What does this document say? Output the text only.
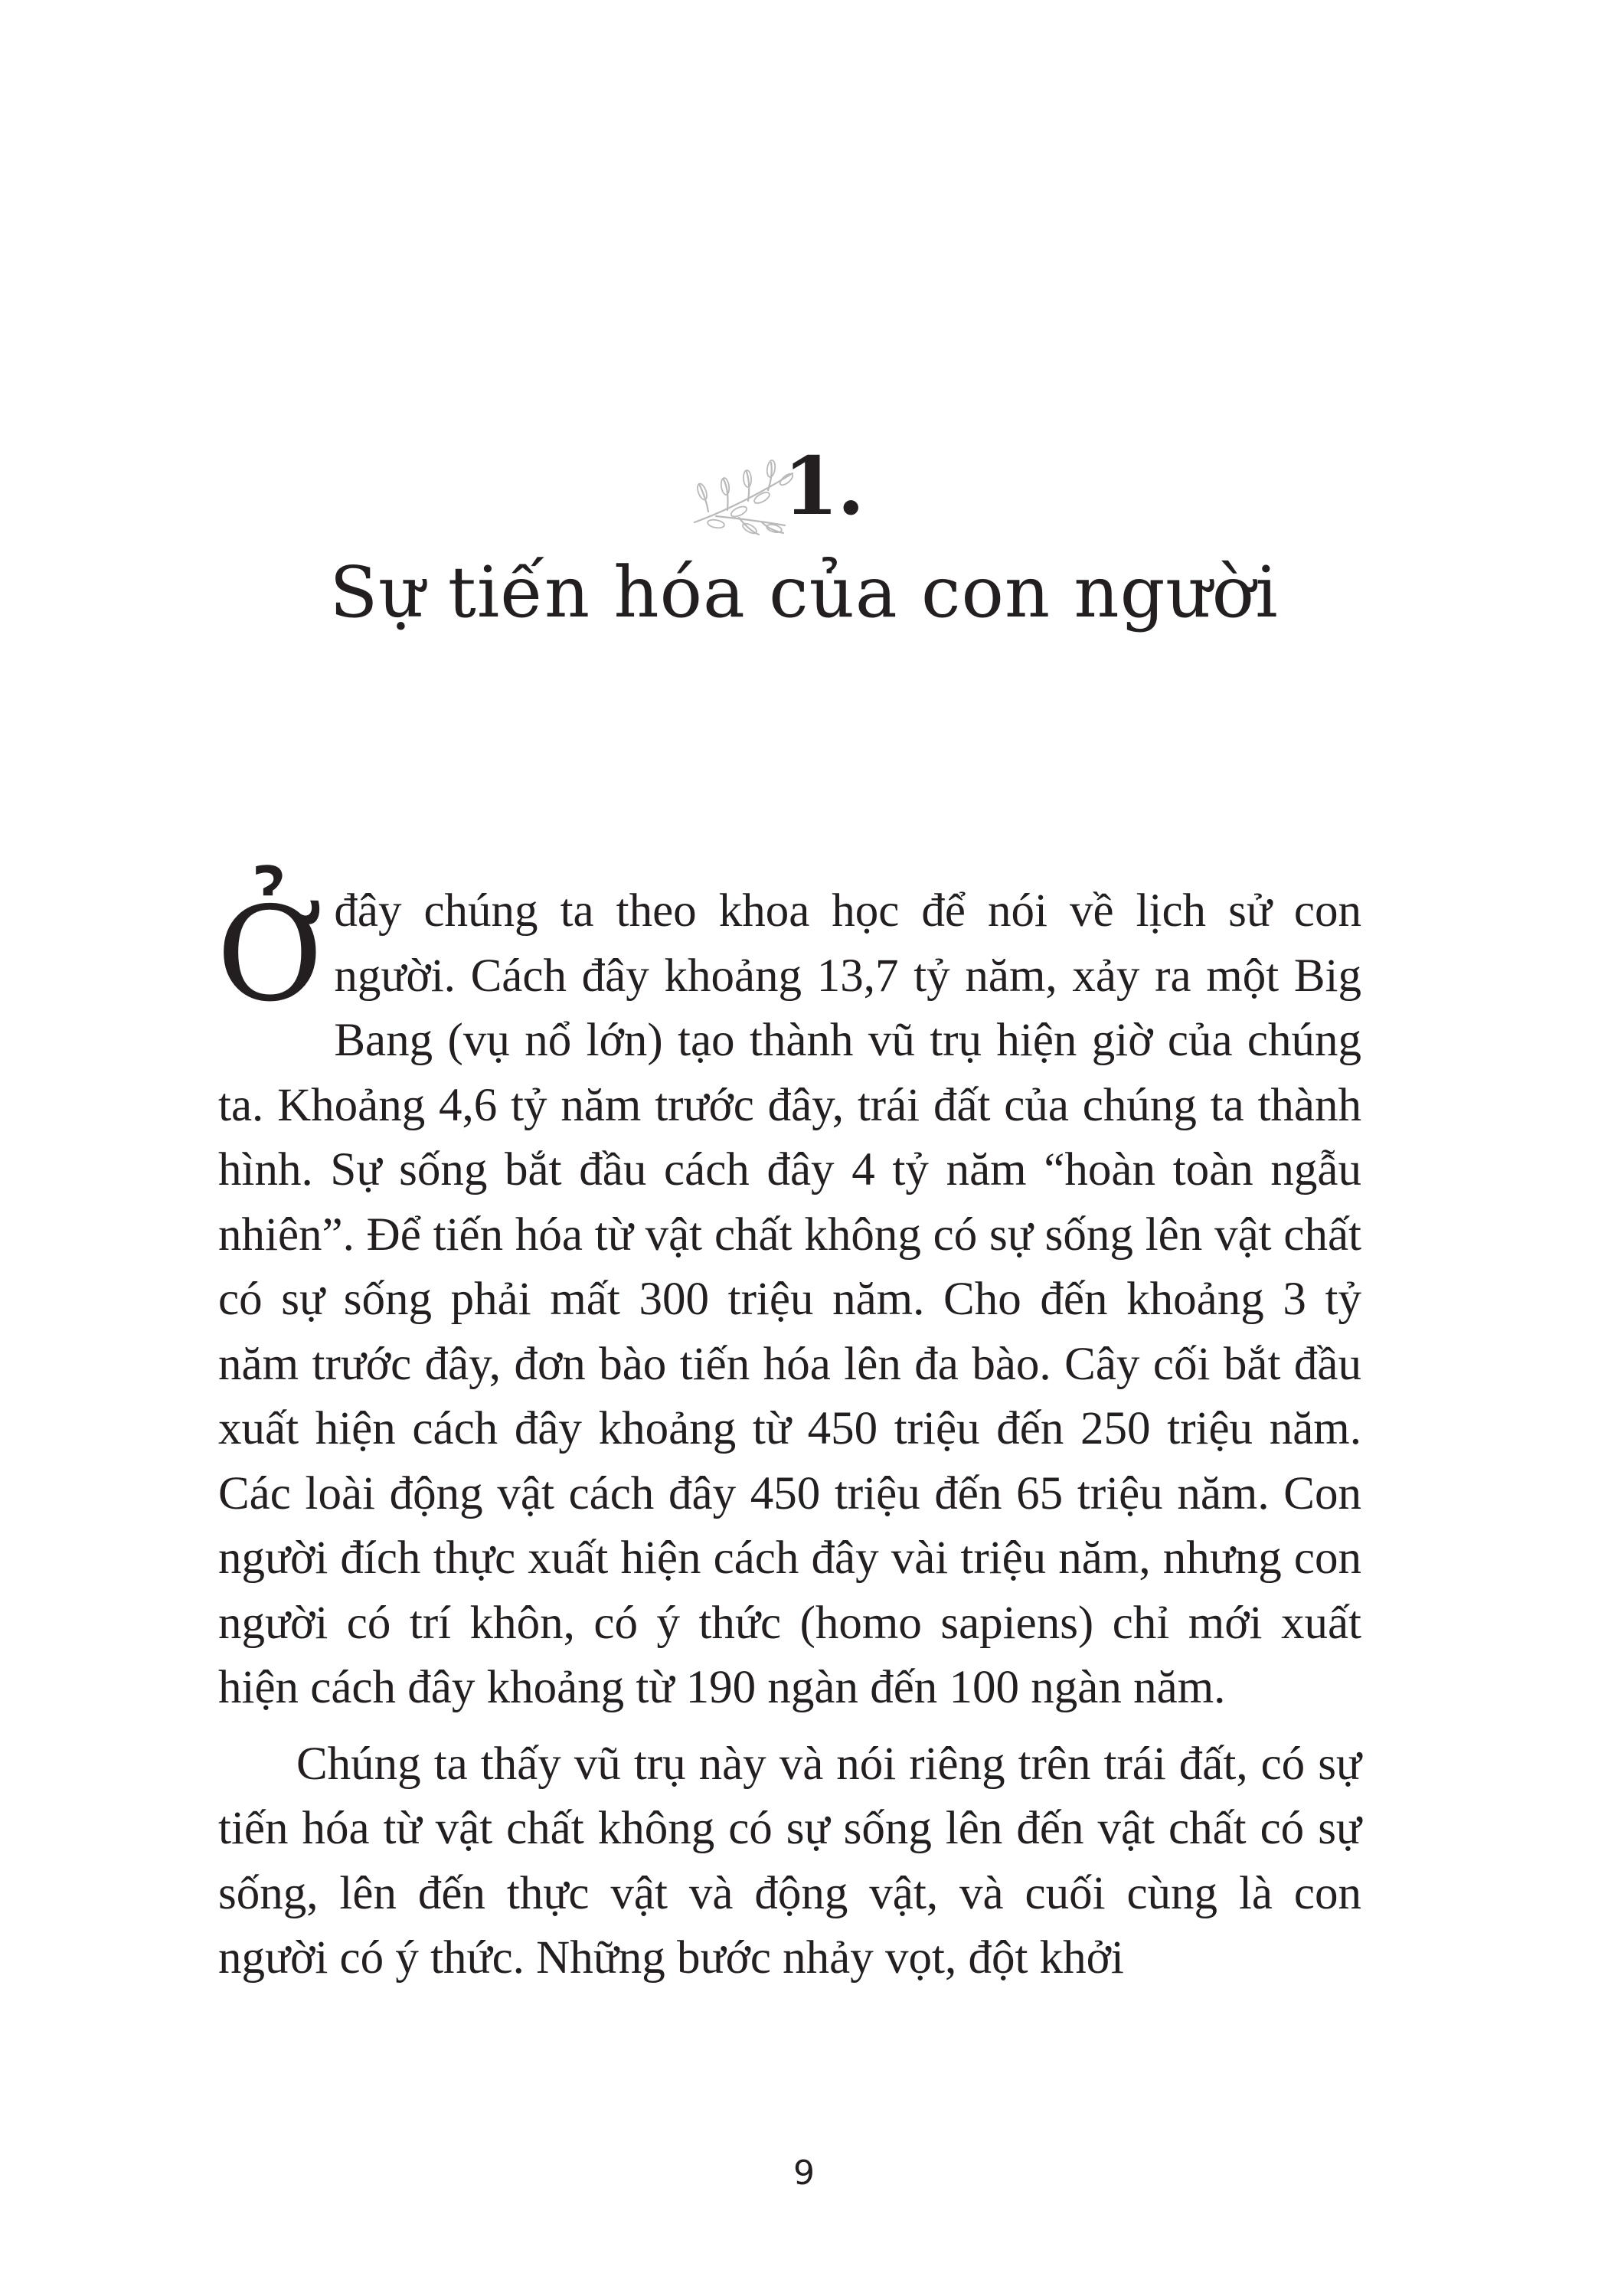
1.
Sự tiến hóa của con người

Ởđây chúng ta theo khoa học để nói về lịch sử con người. Cách đây khoảng 13,7 tỷ năm, xảy ra một Big Bang (vụ nổ lớn) tạo thành vũ trụ hiện giờ của chúng ta. Khoảng 4,6 tỷ năm trước đây, trái đất của chúng ta thành hình. Sự sống bắt đầu cách đây 4 tỷ năm “hoàn toàn ngẫu nhiên”. Để tiến hóa từ vật chất không có sự sống lên vật chất có sự sống phải mất 300 triệu năm. Cho đến khoảng 3 tỷ năm trước đây, đơn bào tiến hóa lên đa bào. Cây cối bắt đầu xuất hiện cách đây khoảng từ 450 triệu đến 250 triệu năm. Các loài động vật cách đây 450 triệu đến 65 triệu năm. Con người đích thực xuất hiện cách đây vài triệu năm, nhưng con người có trí khôn, có ý thức (homo sapiens) chỉ mới xuất hiện cách đây khoảng từ 190 ngàn đến 100 ngàn năm.

Chúng ta thấy vũ trụ này và nói riêng trên trái đất, có sự tiến hóa từ vật chất không có sự sống lên đến vật chất có sự sống, lên đến thực vật và động vật, và cuối cùng là con người có ý thức. Những bước nhảy vọt, đột khởi

9
